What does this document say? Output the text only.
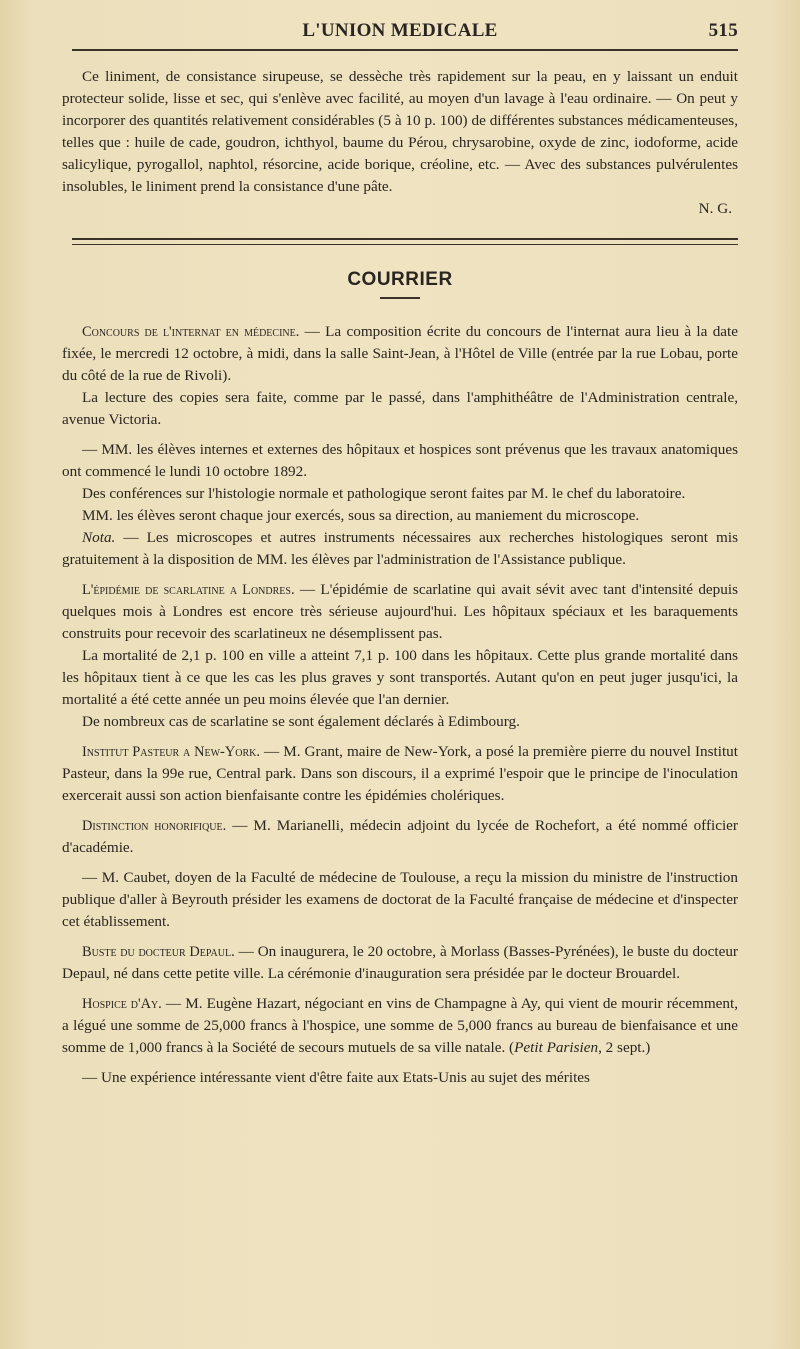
L'UNION MEDICALE	515

Ce liniment, de consistance sirupeuse, se dessèche très rapidement sur la peau, en y laissant un enduit protecteur solide, lisse et sec, qui s'enlève avec facilité, au moyen d'un lavage à l'eau ordinaire. — On peut y incorporer des quantités relativement considérables (5 à 10 p. 100) de différentes substances médicamenteuses, telles que : huile de cade, goudron, ichthyol, baume du Pérou, chrysarobine, oxyde de zinc, iodoforme, acide salicylique, pyrogallol, naphtol, résorcine, acide borique, créoline, etc. — Avec des substances pulvérulentes insolubles, le liniment prend la consistance d'une pâte.

N. G.

COURRIER

Concours de l'internat en médecine. — La composition écrite du concours de l'internat aura lieu à la date fixée, le mercredi 12 octobre, à midi, dans la salle Saint-Jean, à l'Hôtel de Ville (entrée par la rue Lobau, porte du côté de la rue de Rivoli).

La lecture des copies sera faite, comme par le passé, dans l'amphithéâtre de l'Administration centrale, avenue Victoria.

— MM. les élèves internes et externes des hôpitaux et hospices sont prévenus que les travaux anatomiques ont commencé le lundi 10 octobre 1892.

Des conférences sur l'histologie normale et pathologique seront faites par M. le chef du laboratoire.

MM. les élèves seront chaque jour exercés, sous sa direction, au maniement du microscope.

Nota. — Les microscopes et autres instruments nécessaires aux recherches histologiques seront mis gratuitement à la disposition de MM. les élèves par l'administration de l'Assistance publique.

L'épidémie de scarlatine a Londres. — L'épidémie de scarlatine qui avait sévit avec tant d'intensité depuis quelques mois à Londres est encore très sérieuse aujourd'hui. Les hôpitaux spéciaux et les baraquements construits pour recevoir des scarlatineux ne désemplissent pas.

La mortalité de 2,1 p. 100 en ville a atteint 7,1 p. 100 dans les hôpitaux. Cette plus grande mortalité dans les hôpitaux tient à ce que les cas les plus graves y sont transportés. Autant qu'on en peut juger jusqu'ici, la mortalité a été cette année un peu moins élevée que l'an dernier.

De nombreux cas de scarlatine se sont également déclarés à Edimbourg.

Institut Pasteur a New-York. — M. Grant, maire de New-York, a posé la première pierre du nouvel Institut Pasteur, dans la 99e rue, Central park. Dans son discours, il a exprimé l'espoir que le principe de l'inoculation exercerait aussi son action bienfaisante contre les épidémies cholériques.

Distinction honorifique. — M. Marianelli, médecin adjoint du lycée de Rochefort, a été nommé officier d'académie.

— M. Caubet, doyen de la Faculté de médecine de Toulouse, a reçu la mission du ministre de l'instruction publique d'aller à Beyrouth présider les examens de doctorat de la Faculté française de médecine et d'inspecter cet établissement.

Buste du docteur Depaul. — On inaugurera, le 20 octobre, à Morlass (Basses-Pyrénées), le buste du docteur Depaul, né dans cette petite ville. La cérémonie d'inauguration sera présidée par le docteur Brouardel.

Hospice d'Ay. — M. Eugène Hazart, négociant en vins de Champagne à Ay, qui vient de mourir récemment, a légué une somme de 25,000 francs à l'hospice, une somme de 5,000 francs au bureau de bienfaisance et une somme de 1,000 francs à la Société de secours mutuels de sa ville natale. (Petit Parisien, 2 sept.)

— Une expérience intéressante vient d'être faite aux Etats-Unis au sujet des mérites
